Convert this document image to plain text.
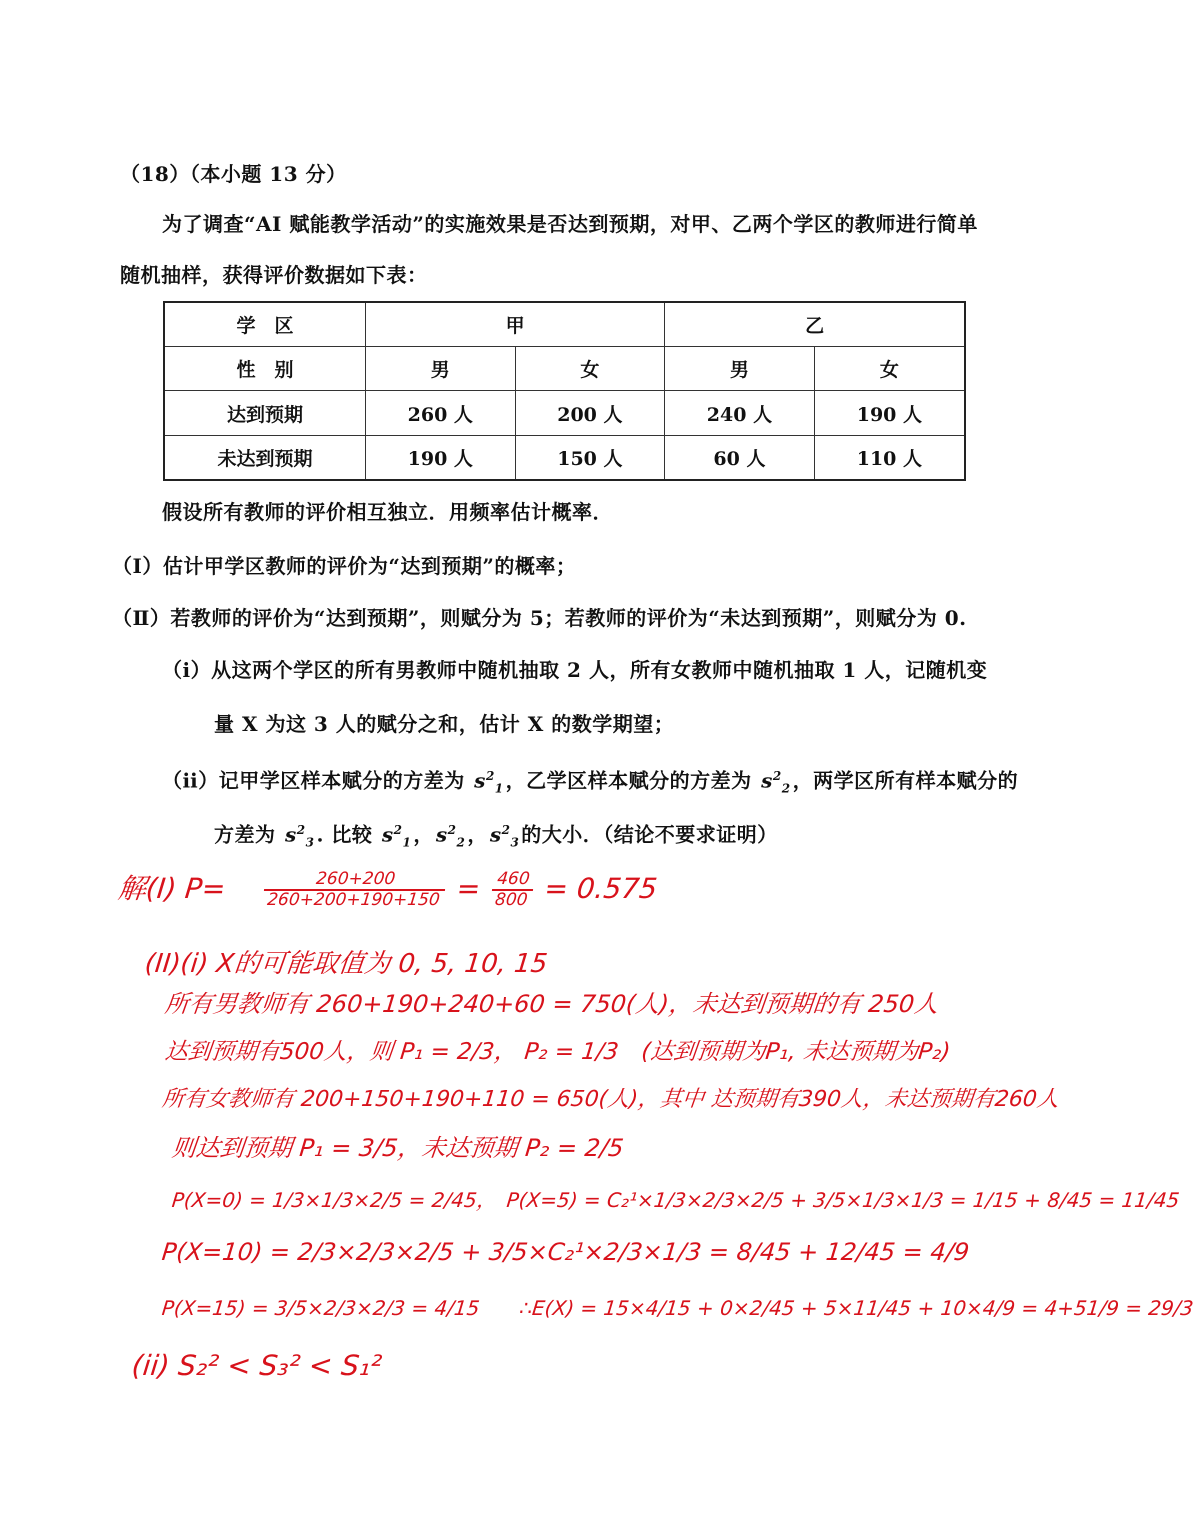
（18）（本小题 13 分）
为了调查“AI 赋能教学活动”的实施效果是否达到预期，对甲、乙两个学区的教师进行简单
随机抽样，获得评价数据如下表：
学　区	甲		乙	
性　别	男	女	男	女
达到预期	260 人	200 人	240 人	190 人
未达到预期	190 人	150 人	60 人	110 人
假设所有教师的评价相互独立．用频率估计概率．
（Ⅰ）估计甲学区教师的评价为“达到预期”的概率；
（Ⅱ）若教师的评价为“达到预期”，则赋分为 5；若教师的评价为“未达到预期”，则赋分为 0.
（ⅰ）从这两个学区的所有男教师中随机抽取 2 人，所有女教师中随机抽取 1 人，记随机变
量 X 为这 3 人的赋分之和，估计 X 的数学期望；
（ⅱ）记甲学区样本赋分的方差为 $s^2_1$ ，乙学区样本赋分的方差为 $s^2_2$ ，两学区所有样本赋分的
方差为 $s^2_3$ . 比较 $s^2_1$ ， $s^2_2$ ， $s^2_3$ 的大小．（结论不要求证明）
解(I) $P= \frac{260+200}{260+200+190+150} = \frac{460}{800} = 0.575$
(II)(i) X的可能取值为 0, 5, 10, 15
所有男教师有 260+190+240+60 = 750(人)，未达到预期的有 250人
达到预期有500人，则 P₁ = 2/3， P₂ = 1/3　(达到预期为P₁, 未达预期为P₂)
所有女教师有 200+150+190+110 = 650(人)，其中 达预期有390人，未达预期有260人
则达到预期 P₁ = 3/5，未达预期 P₂ = 2/5
P(X=0) = 1/3×1/3×2/5 = 2/45，　P(X=5) = C₂¹×1/3×2/3×2/5 + 3/5×1/3×1/3 = 1/15 + 8/45 = 11/45
P(X=10) = 2/3×2/3×2/5 + 3/5×C₂¹×2/3×1/3 = 8/45 + 12/45 = 4/9
P(X=15) = 3/5×2/3×2/3 = 4/15　　∴E(X) = 15×4/15 + 0×2/45 + 5×11/45 + 10×4/9 = 4+51/9 = 29/3
(ii) S₂² < S₃² < S₁²
